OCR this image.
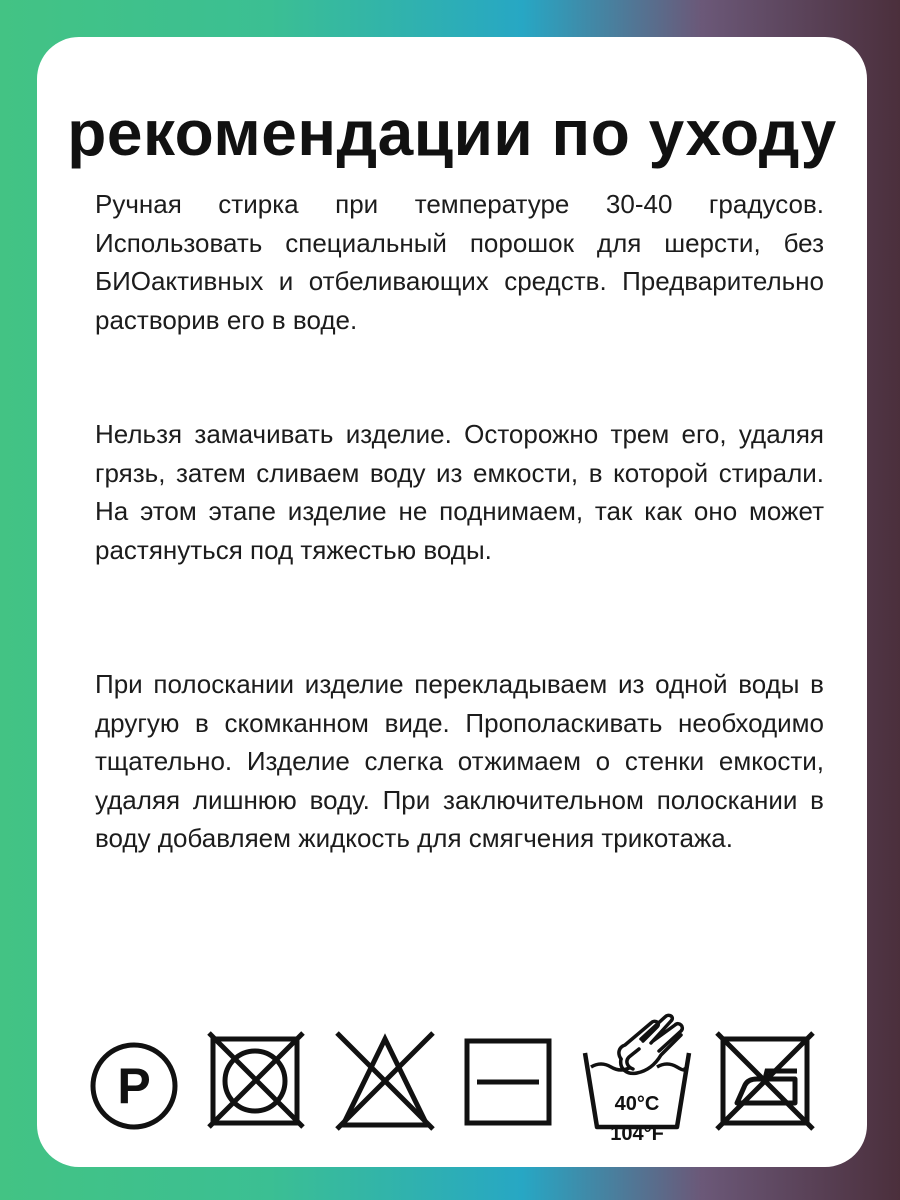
рекомендации по уходу

Ручная стирка при температуре 30-40 градусов. Использовать специальный порошок для шерсти, без БИОактивных и отбеливающих средств. Предварительно растворив его в воде.

Нельзя замачивать изделие. Осторожно трем его, удаляя грязь, затем сливаем воду из емкости, в которой стирали. На этом этапе изделие не поднимаем, так как оно может растянуться под тяжестью воды.

При полоскании изделие перекладываем из одной воды в другую в скомканном виде. Прополаскивать необходимо тщательно. Изделие слегка отжимаем о стенки емкости, удаляя лишнюю воду. При заключительном полоскании в воду добавляем жидкость для смягчения трикотажа.

P	40°C
104°F
